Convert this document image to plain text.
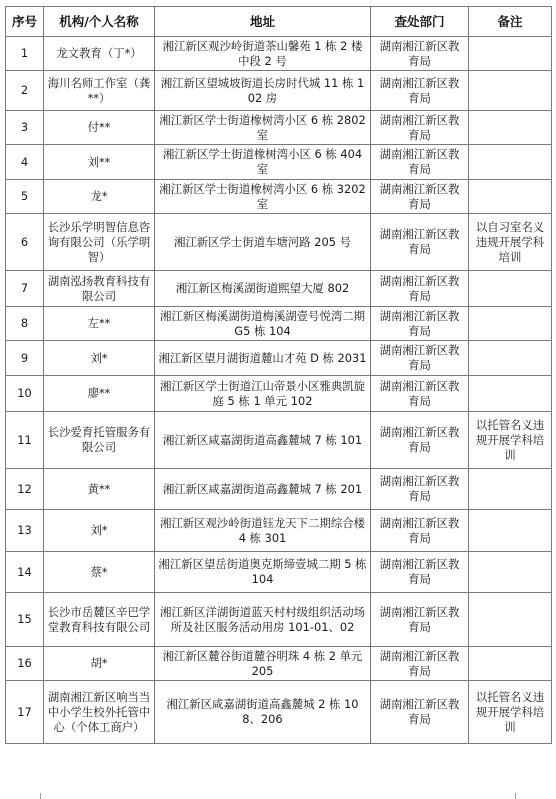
序号	机构/个人名称	地址	查处部门	备注
1	龙文教育（丁*）	湘江新区观沙岭街道茶山馨苑 1 栋 2 楼中段 2 号	湖南湘江新区教育局	
2	海川名师工作室（龚**）	湘江新区望城坡街道长房时代城 11 栋 102 房	湖南湘江新区教育局	
3	付**	湘江新区学士街道橡树湾小区 6 栋 2802 室	湖南湘江新区教育局	
4	刘**	湘江新区学士街道橡树湾小区 6 栋 404 室	湖南湘江新区教育局	
5	龙*	湘江新区学士街道橡树湾小区 6 栋 3202 室	湖南湘江新区教育局	
6	长沙乐学明智信息咨询有限公司（乐学明智）	湘江新区学士街道车塘河路 205 号	湖南湘江新区教育局	以自习室名义违规开展学科培训
7	湖南泓扬教育科技有限公司	湘江新区梅溪湖街道熙望大厦 802	湖南湘江新区教育局	
8	左**	湘江新区梅溪湖街道梅溪湖壹号悦湾二期 G5 栋 104	湖南湘江新区教育局	
9	刘*	湘江新区望月湖街道麓山才苑 D 栋 2031	湖南湘江新区教育局	
10	廖**	湘江新区学士街道江山帝景小区雅典凯旋庭 5 栋 1 单元 102	湖南湘江新区教育局	
11	长沙爱育托管服务有限公司	湘江新区咸嘉湖街道高鑫麓城 7 栋 101	湖南湘江新区教育局	以托管名义违规开展学科培训
12	黄**	湘江新区咸嘉湖街道高鑫麓城 7 栋 201	湖南湘江新区教育局	
13	刘*	湘江新区观沙岭街道钰龙天下二期综合楼 4 栋 301	湖南湘江新区教育局	
14	蔡*	湘江新区望岳街道奥克斯缔壹城二期 5 栋 104	湖南湘江新区教育局	
15	长沙市岳麓区辛巴学堂教育科技有限公司	湘江新区洋湖街道蓝天村村级组织活动场所及社区服务活动用房 101-01、02	湖南湘江新区教育局	
16	胡*	湘江新区麓谷街道麓谷明珠 4 栋 2 单元 205	湖南湘江新区教育局	
17	湖南湘江新区响当当中小学生校外托管中心（个体工商户）	湘江新区咸嘉湖街道高鑫麓城 2 栋 108、206	湖南湘江新区教育局	以托管名义违规开展学科培训
